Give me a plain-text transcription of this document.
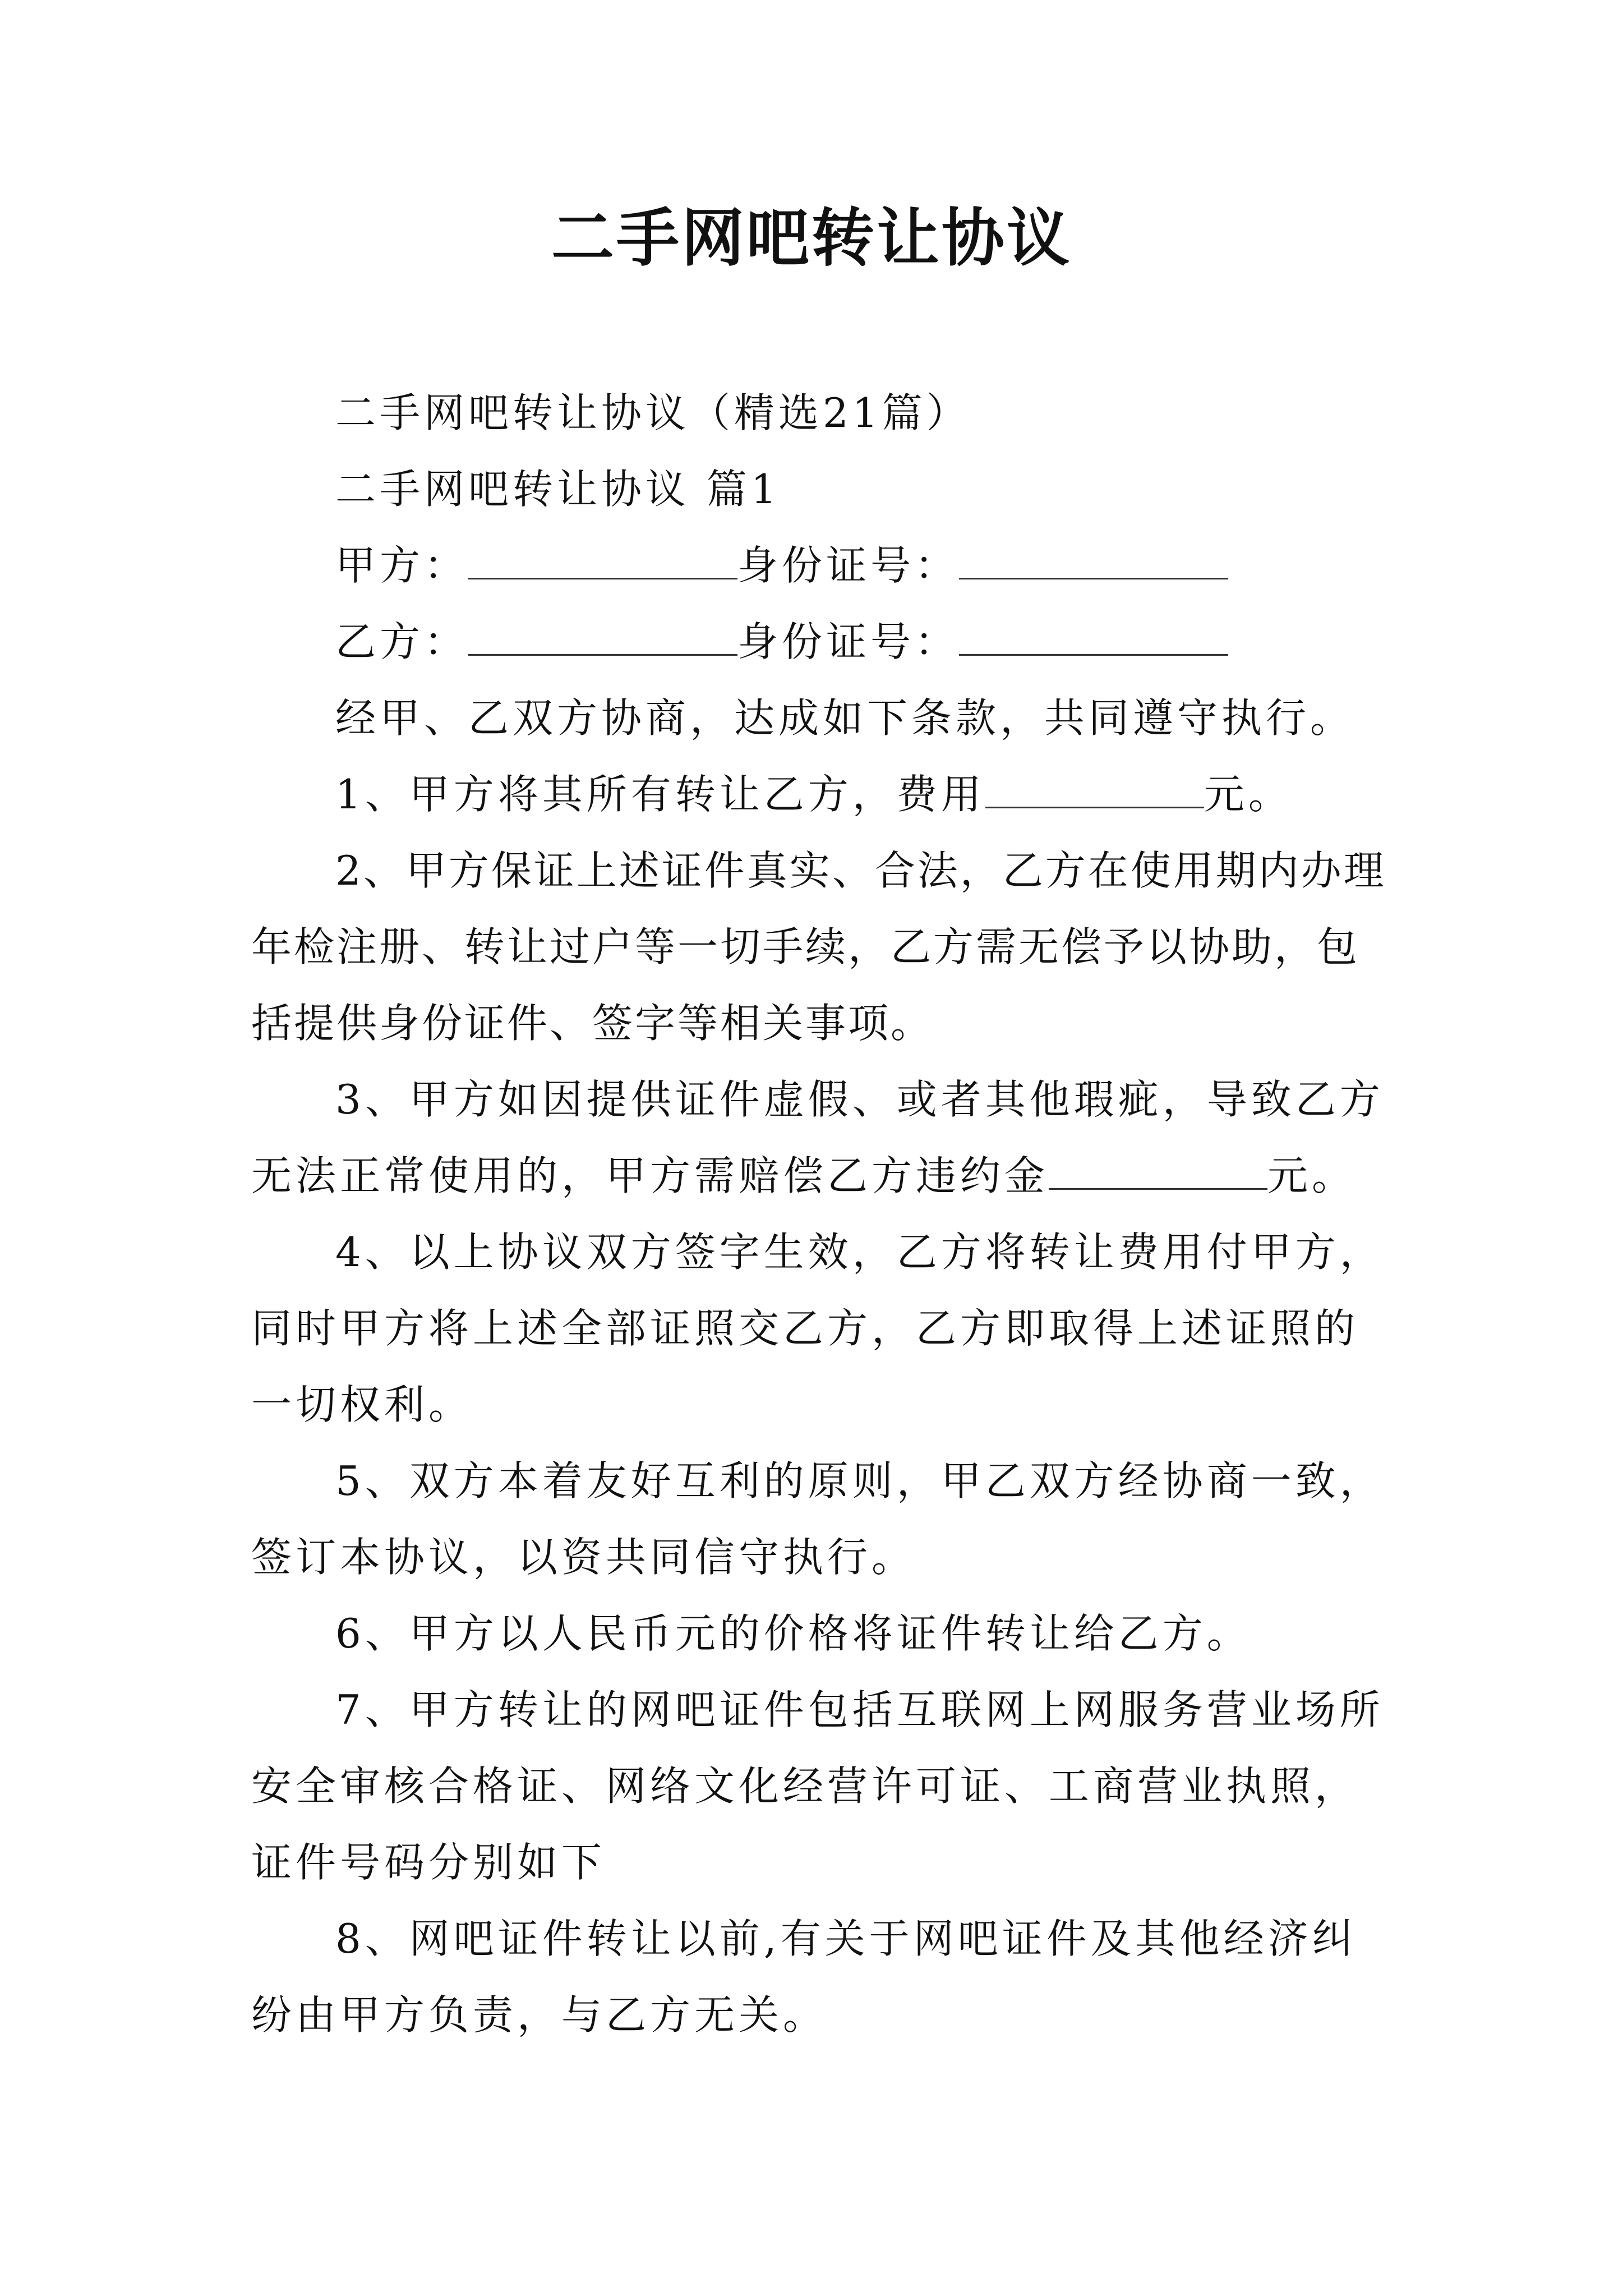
二手网吧转让协议

二手网吧转让协议（精选21篇）

二手网吧转让协议 篇1

甲方：	身份证号：

乙方：	身份证号：

经甲、乙双方协商，达成如下条款，共同遵守执行。

1、甲方将其所有转让乙方，费用	元。

2、甲方保证上述证件真实、合法，乙方在使用期内办理年检注册、转让过户等一切手续，乙方需无偿予以协助，包括提供身份证件、签字等相关事项。

3、甲方如因提供证件虚假、或者其他瑕疵，导致乙方无法正常使用的，甲方需赔偿乙方违约金	元。

4、以上协议双方签字生效，乙方将转让费用付甲方，同时甲方将上述全部证照交乙方，乙方即取得上述证照的一切权利。

5、双方本着友好互利的原则，甲乙双方经协商一致，签订本协议，以资共同信守执行。

6、甲方以人民币元的价格将证件转让给乙方。

7、甲方转让的网吧证件包括互联网上网服务营业场所安全审核合格证、网络文化经营许可证、工商营业执照，证件号码分别如下

8、网吧证件转让以前,有关于网吧证件及其他经济纠纷由甲方负责，与乙方无关。
